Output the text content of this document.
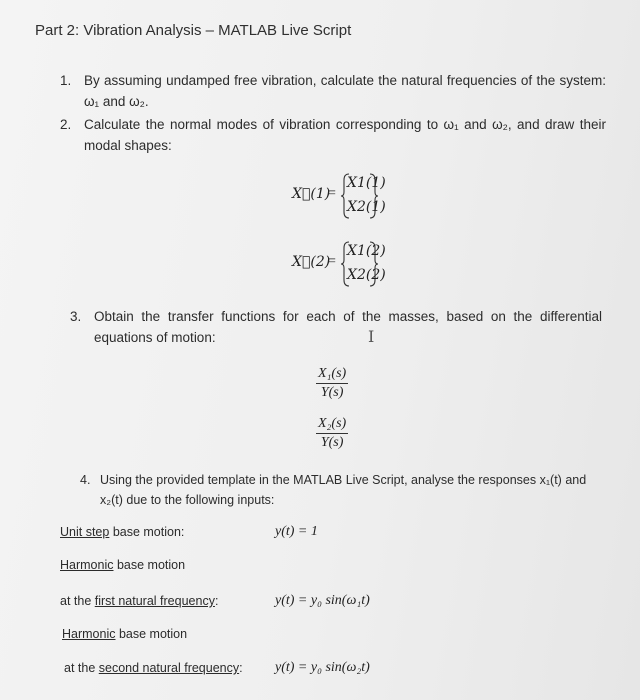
Part 2: Vibration Analysis – MATLAB Live Script
1. By assuming undamped free vibration, calculate the natural frequencies of the system: ω₁ and ω₂.
2. Calculate the normal modes of vibration corresponding to ω₁ and ω₂, and draw their modal shapes:
X⃗(1)
=
X1(1)
X2(1)
X⃗(2)
=
X1(2)
X2(2)
3. Obtain the transfer functions for each of the masses, based on the differential equations of motion:	I
$\frac{\text{X₁(s)}}{Y(s)}$
$\frac{\text{X₂(s)}}{Y(s)}$
4. Using the provided template in the MATLAB Live Script, analyse the responses x₁(t) and x₂(t) due to the following inputs:
Unit step base motion:	y(t) = 1
Harmonic base motion
at the first natural frequency:	y(t) = y₀ sin(ω₁t)
Harmonic base motion
at the second natural frequency: y(t) = y₀ sin(ω₂t)
